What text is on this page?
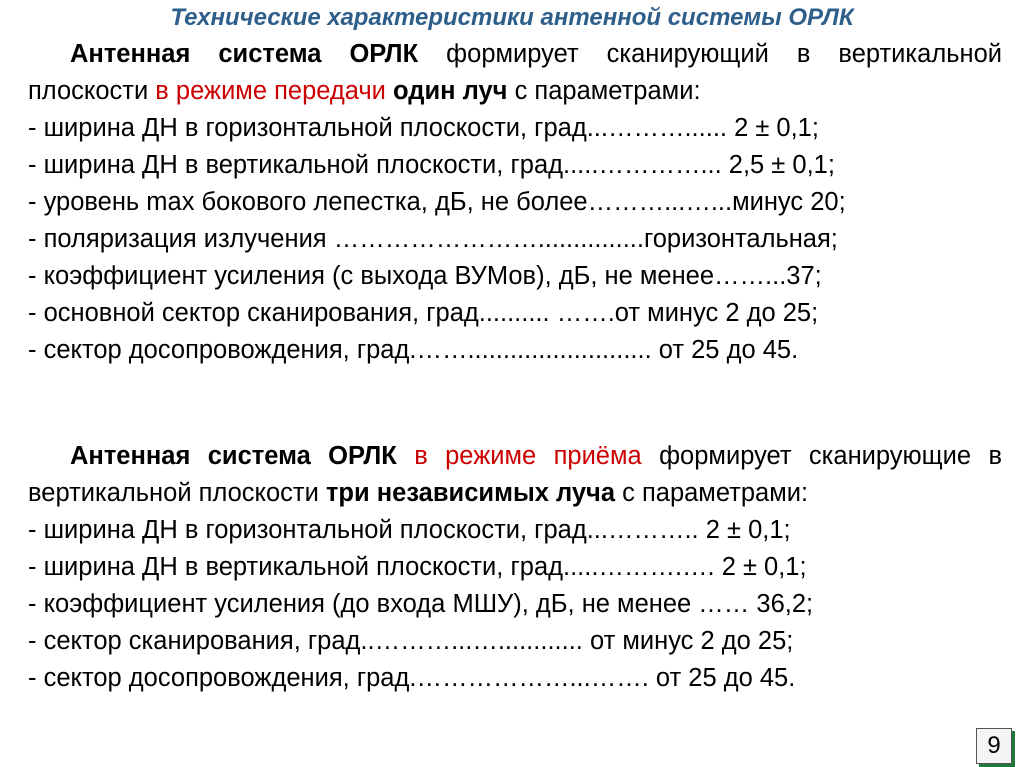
Технические характеристики антенной системы ОРЛК

Антенная система ОРЛК формирует сканирующий в вертикальной плоскости в режиме передачи один луч с параметрами:

- ширина ДН в горизонтальной плоскости, град...………...... 2 ± 0,1;

- ширина ДН в вертикальной плоскости, град.....…………... 2,5 ± 0,1;

- уровень max бокового лепестка, дБ, не более………...…...минус 20;

- поляризация излучения ……………………...............горизонтальная;

- коэффициент усиления (с выхода ВУМов), дБ, не менее……...37;

- основной сектор сканирования, град.......... …….от минус 2 до 25;

- сектор досопровождения, град.…….......................... от 25 до 45.

Антенная система ОРЛК в режиме приёма формирует сканирующие в вертикальной плоскости три независимых луча с параметрами:

- ширина ДН в горизонтальной плоскости, град...……….. 2 ± 0,1;

- ширина ДН в вертикальной плоскости, град.....……….…. 2 ± 0,1;

- коэффициент усиления (до входа МШУ), дБ, не менее …… 36,2;

- сектор сканирования, град..………...…............ от минус 2 до 25;

- сектор досопровождения, град.………………...……. от 25 до 45.

9
